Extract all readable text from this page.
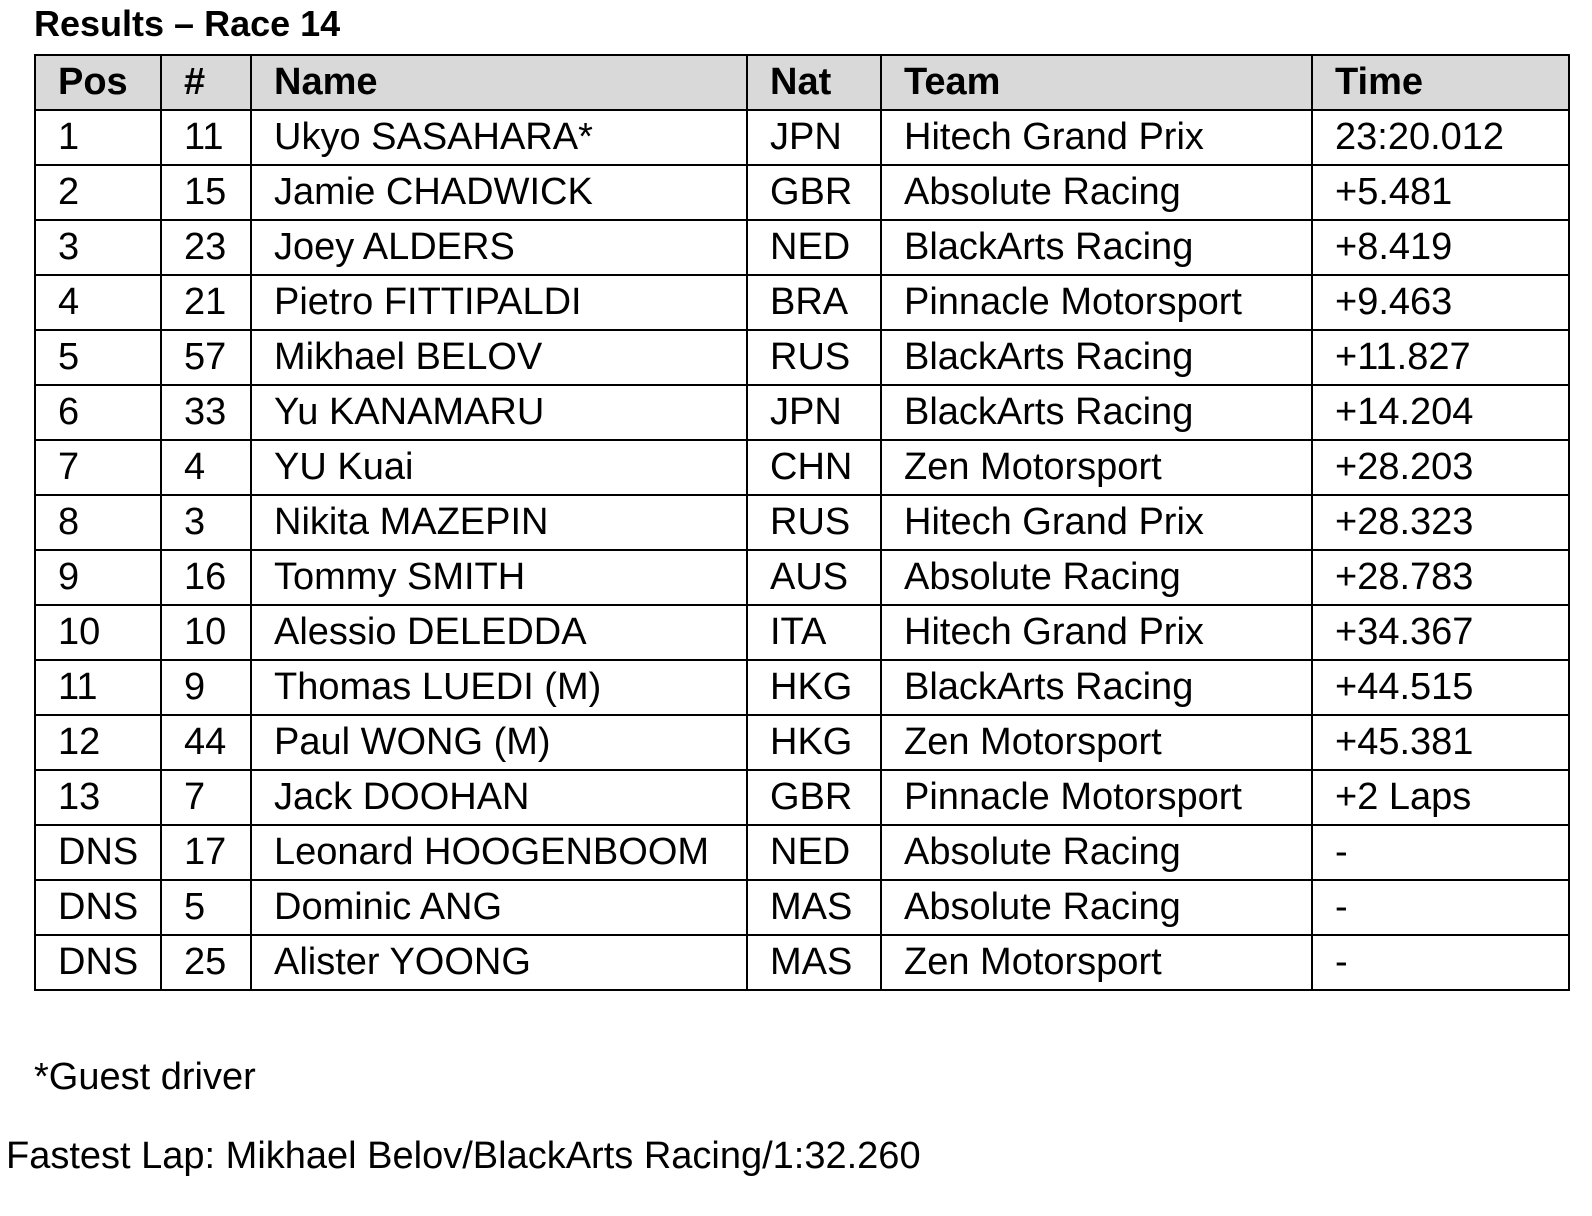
Results – Race 14
Pos	#	Name	Nat	Team	Time
1	11	Ukyo SASAHARA*	JPN	Hitech Grand Prix	23:20.012
2	15	Jamie CHADWICK	GBR	Absolute Racing	+5.481
3	23	Joey ALDERS	NED	BlackArts Racing	+8.419
4	21	Pietro FITTIPALDI	BRA	Pinnacle Motorsport	+9.463
5	57	Mikhael BELOV	RUS	BlackArts Racing	+11.827
6	33	Yu KANAMARU	JPN	BlackArts Racing	+14.204
7	4	YU Kuai	CHN	Zen Motorsport	+28.203
8	3	Nikita MAZEPIN	RUS	Hitech Grand Prix	+28.323
9	16	Tommy SMITH	AUS	Absolute Racing	+28.783
10	10	Alessio DELEDDA	ITA	Hitech Grand Prix	+34.367
11	9	Thomas LUEDI (M)	HKG	BlackArts Racing	+44.515
12	44	Paul WONG (M)	HKG	Zen Motorsport	+45.381
13	7	Jack DOOHAN	GBR	Pinnacle Motorsport	+2 Laps
DNS	17	Leonard HOOGENBOOM	NED	Absolute Racing	-
DNS	5	Dominic ANG	MAS	Absolute Racing	-
DNS	25	Alister YOONG	MAS	Zen Motorsport	-
*Guest driver
Fastest Lap: Mikhael Belov/BlackArts Racing/1:32.260
